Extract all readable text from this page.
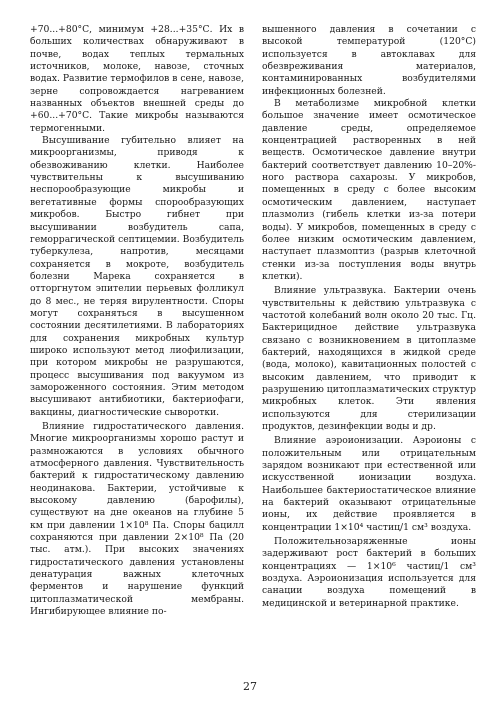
+70...+80°С, минимум +28...+35°С. Их в больших количествах обнаруживают в почве, водах теплых термальных источников, молоке, навозе, сточных водах. Развитие термофилов в сене, навозе, зерне сопровождается нагреванием названных объектов внешней среды до +60...+70°С. Такие микробы называются термогенными.

Высушивание губительно влияет на микроорганизмы, приводя к обезвоживанию клетки. Наиболее чувствительны к высушиванию неспорообразующие микробы и вегетативные формы спорообразующих микробов. Быстро гибнет при высушивании возбудитель сапа, геморрагической септицемии. Возбудитель туберкулеза, напротив, месяцами сохраняется в мокроте, возбудитель болезни Марека сохраняется в отторгнутом эпителии перьевых фолликул до 8 мес., не теряя вирулентности. Споры могут сохраняться в высушенном состоянии десятилетиями. В лабораториях для сохранения микробных культур широко используют метод лиофилизации, при котором микробы не разрушаются, процесс высушивания под вакуумом из замороженного состояния. Этим методом высушивают антибиотики, бактериофаги, вакцины, диагностические сыворотки.

Влияние гидростатического давления. Многие микроорганизмы хорошо растут и размножаются в условиях обычного атмосферного давления. Чувствительность бактерий к гидростатическому давлению неодинакова. Бактерии, устойчивые к высокому давлению (барофилы), существуют на дне океанов на глубине 5 км при давлении 1×10⁸ Па. Споры бацилл сохраняются при давлении 2×10⁸ Па (20 тыс. атм.). При высоких значениях гидростатического давления установлены денатурация важных клеточных ферментов и нарушение функций цитоплазматической мембраны. Ингибирующее влияние по-

вышенного давления в сочетании с высокой температурой (120°С) используется в автоклавах для обезвреживания материалов, контаминированных возбудителями инфекционных болезней.

В метаболизме микробной клетки большое значение имеет осмотическое давление среды, определяемое концентрацией растворенных в ней веществ. Осмотическое давление внутри бактерий соответствует давлению 10–20%-ного раствора сахарозы. У микробов, помещенных в среду с более высоким осмотическим давлением, наступает плазмолиз (гибель клетки из-за потери воды). У микробов, помещенных в среду с более низким осмотическим давлением, наступает плазмоптиз (разрыв клеточной стенки из-за поступления воды внутрь клетки).

Влияние ультразвука. Бактерии очень чувствительны к действию ультразвука с частотой колебаний волн около 20 тыс. Гц. Бактерицидное действие ультразвука связано с возникновением в цитоплазме бактерий, находящихся в жидкой среде (вода, молоко), кавитационных полостей с высоким давлением, что приводит к разрушению цитоплазматических структур микробных клеток. Эти явления используются для стерилизации продуктов, дезинфекции воды и др.

Влияние аэроионизации. Аэроионы с положительным или отрицательным зарядом возникают при естественной или искусственной ионизации воздуха. Наибольшее бактериостатическое влияние на бактерий оказывают отрицательные ионы, их действие проявляется в концентрации 1×10⁴ частиц/1 см³ воздуха.

Положительнозаряженные ионы задерживают рост бактерий в больших концентрациях — 1×10⁶ частиц/1 см³ воздуха. Аэроионизация используется для санации воздуха помещений в медицинской и ветеринарной практике.

27
